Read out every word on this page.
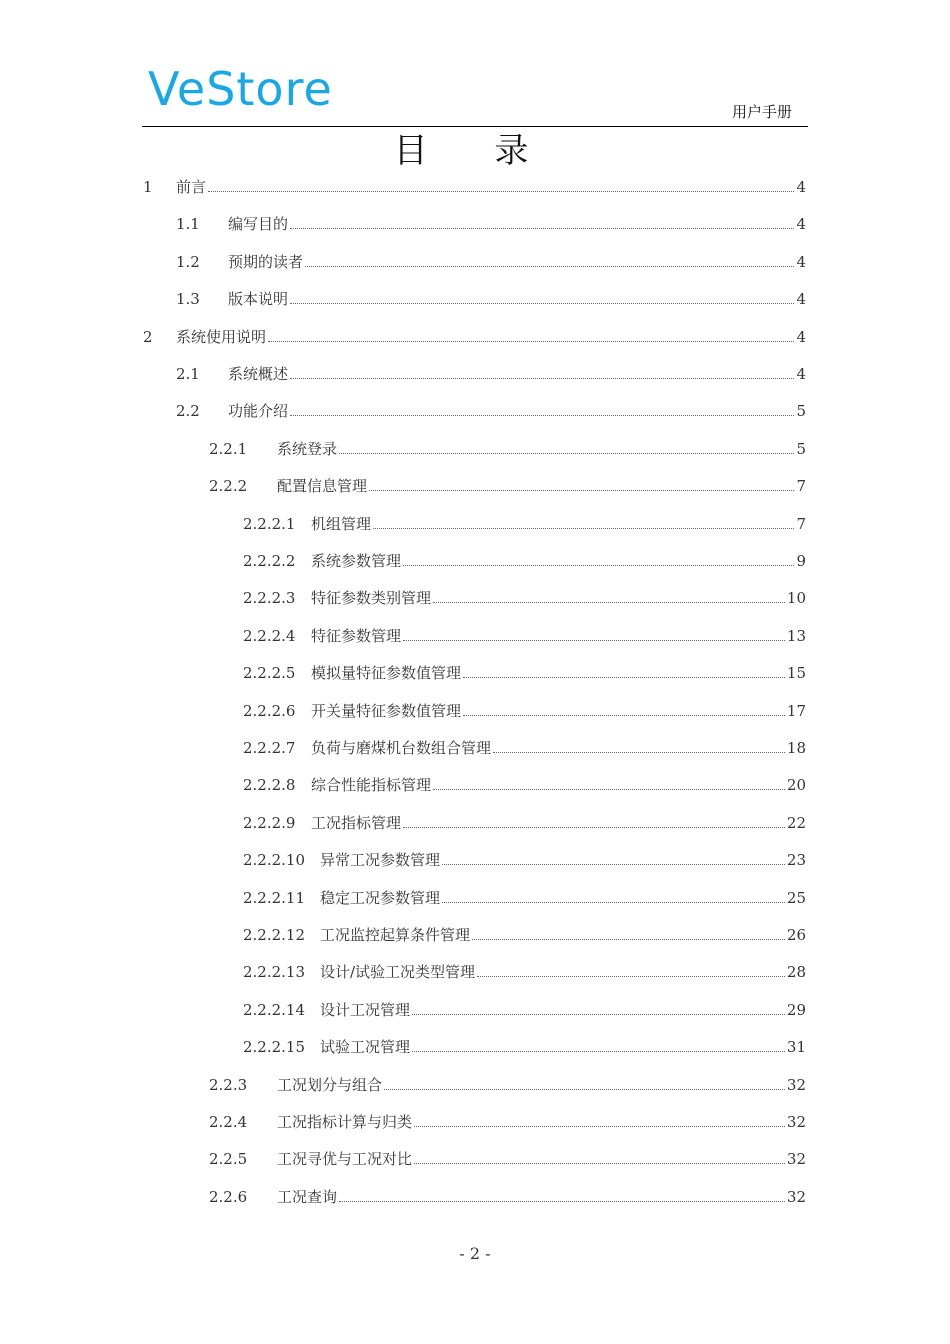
VeStore	用户手册
目 录
1	前言	4
1.1	编写目的	4
1.2	预期的读者	4
1.3	版本说明	4
2	系统使用说明	4
2.1	系统概述	4
2.2	功能介绍	5
2.2.1	系统登录	5
2.2.2	配置信息管理	7
2.2.2.1	机组管理	7
2.2.2.2	系统参数管理	9
2.2.2.3	特征参数类别管理	10
2.2.2.4	特征参数管理	13
2.2.2.5	模拟量特征参数值管理	15
2.2.2.6	开关量特征参数值管理	17
2.2.2.7	负荷与磨煤机台数组合管理	18
2.2.2.8	综合性能指标管理	20
2.2.2.9	工况指标管理	22
2.2.2.10 异常工况参数管理	23
2.2.2.11 稳定工况参数管理	25
2.2.2.12 工况监控起算条件管理	26
2.2.2.13 设计/试验工况类型管理	28
2.2.2.14 设计工况管理	29
2.2.2.15 试验工况管理	31
2.2.3	工况划分与组合	32
2.2.4	工况指标计算与归类	32
2.2.5	工况寻优与工况对比	32
2.2.6	工况查询	32
- 2 -
